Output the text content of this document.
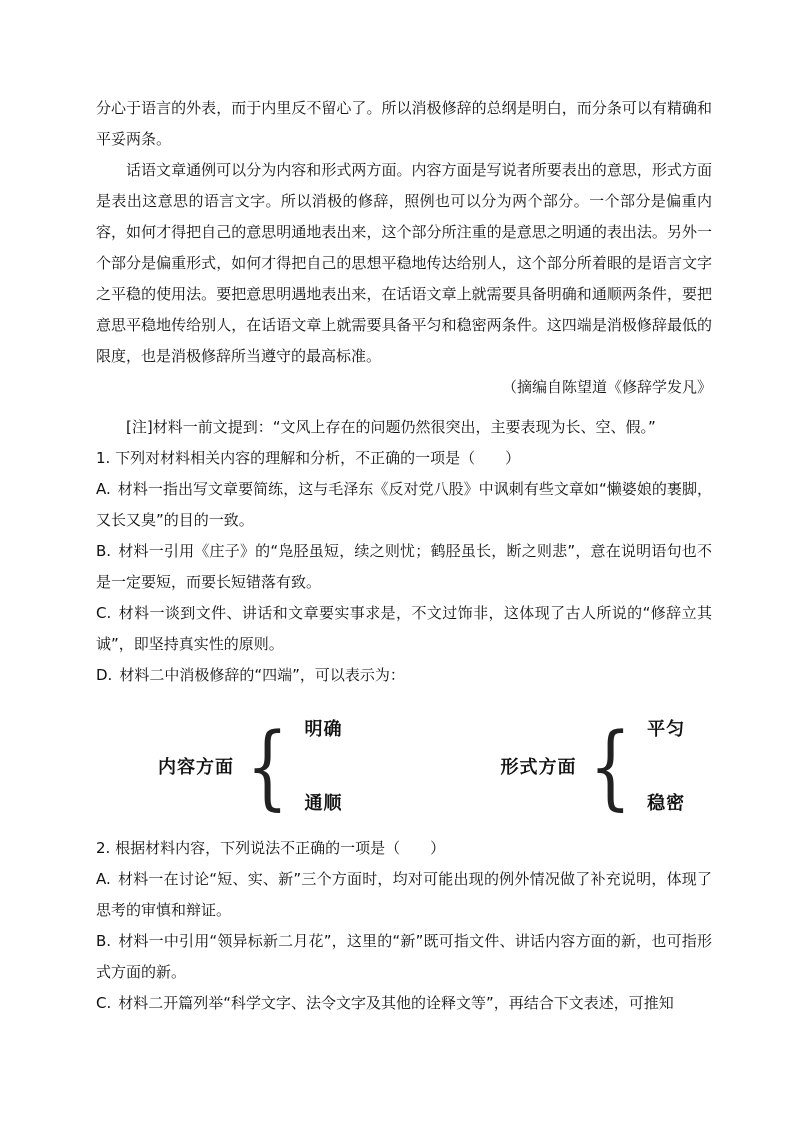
分心于语言的外表，而于内里反不留心了。所以消极修辞的总纲是明白，而分条可以有精确和平妥两条。

话语文章通例可以分为内容和形式两方面。内容方面是写说者所要表出的意思，形式方面是表出这意思的语言文字。所以消极的修辞，照例也可以分为两个部分。一个部分是偏重内容，如何才得把自己的意思明通地表出来，这个部分所注重的是意思之明通的表出法。另外一个部分是偏重形式，如何才得把自己的思想平稳地传达给别人，这个部分所着眼的是语言文字之平稳的使用法。要把意思明遇地表出来，在话语文章上就需要具备明确和通顺两条件，要把意思平稳地传给别人，在话语文章上就需要具备平匀和稳密两条件。这四端是消极修辞最低的限度，也是消极修辞所当遵守的最高标准。

（摘编自陈望道《修辞学发凡》

[注]材料一前文提到：“文风上存在的问题仍然很突出，主要表现为长、空、假。”

1. 下列对材料相关内容的理解和分析，不正确的一项是（　　）

A. 材料一指出写文章要简练，这与毛泽东《反对党八股》中讽刺有些文章如“懒婆娘的裹脚，又长又臭”的目的一致。

B. 材料一引用《庄子》的“凫胫虽短，续之则忧；鹤胫虽长，断之则悲”，意在说明语句也不是一定要短，而要长短错落有致。

C. 材料一谈到文件、讲话和文章要实事求是，不文过饰非，这体现了古人所说的“修辞立其诚”，即坚持真实性的原则。

D. 材料二中消极修辞的“四端”，可以表示为：

内容方面 { 明确
通顺
形式方面 { 平匀
稳密

2. 根据材料内容，下列说法不正确的一项是（　　）

A. 材料一在讨论“短、实、新”三个方面时，均对可能出现的例外情况做了补充说明，体现了思考的审慎和辩证。

B. 材料一中引用“领异标新二月花”，这里的“新”既可指文件、讲话内容方面的新，也可指形式方面的新。

C. 材料二开篇列举“科学文字、法令文字及其他的诠释文等”，再结合下文表述，可推知
